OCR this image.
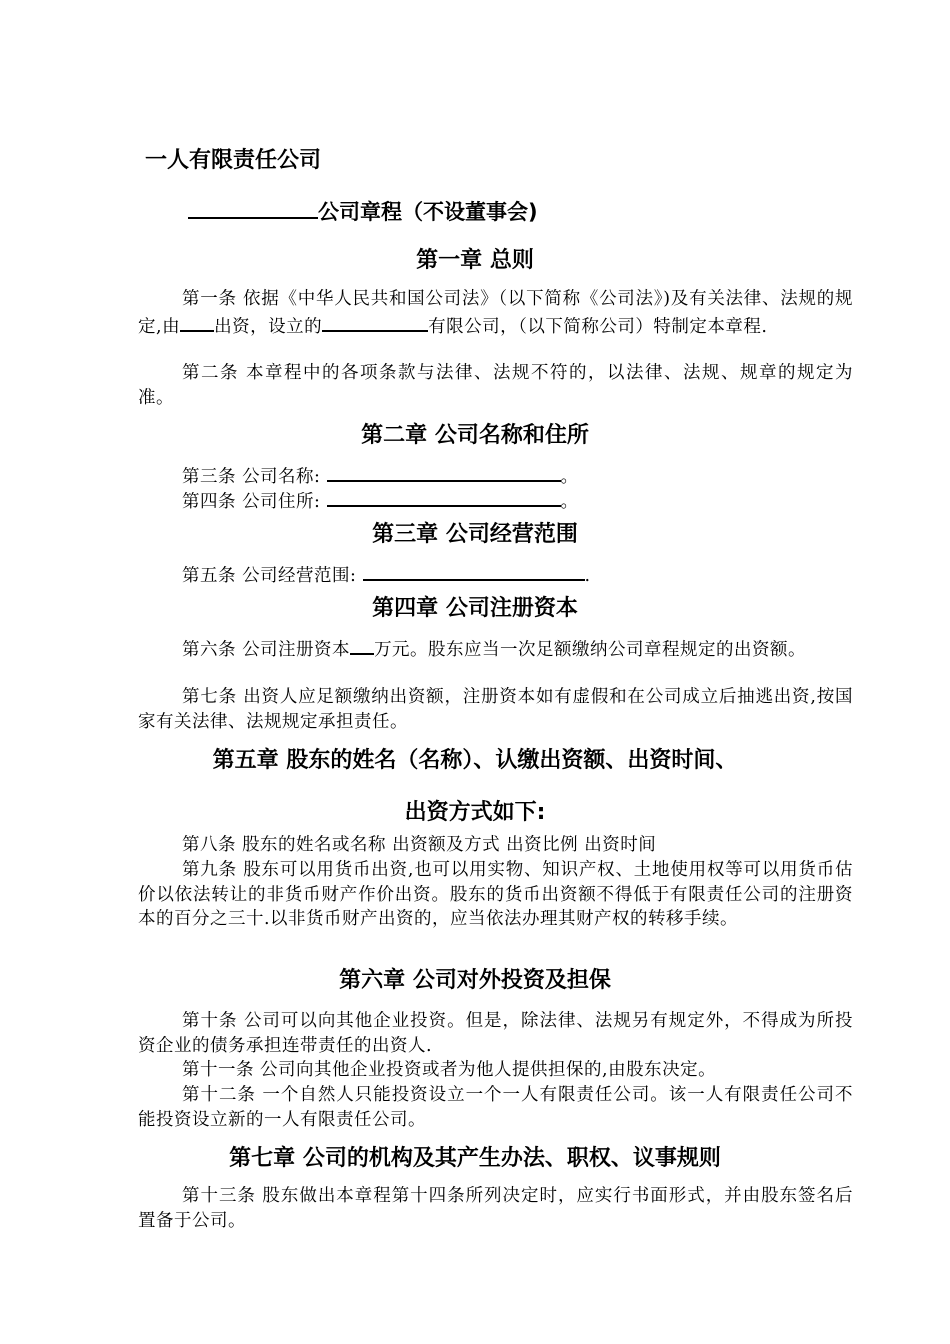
一人有限责任公司
公司章程（不设董事会)
第一章 总则
第一条 依据《中华人民共和国公司法》（以下简称《公司法》)及有关法律、法规的规定,由 出资，设立的	有限公司，（以下简称公司）特制定本章程.
第二条 本章程中的各项条款与法律、法规不符的，以法律、法规、规章的规定为准。
第二章 公司名称和住所
第三条 公司名称:	。
第四条 公司住所:	。
第三章 公司经营范围
第五条 公司经营范围:	.
第四章 公司注册资本
第六条 公司注册资本 万元。股东应当一次足额缴纳公司章程规定的出资额。
第七条 出资人应足额缴纳出资额，注册资本如有虚假和在公司成立后抽逃出资,按国家有关法律、法规规定承担责任。
第五章 股东的姓名（名称）、认缴出资额、出资时间、
出资方式如下:
第八条 股东的姓名或名称 出资额及方式 出资比例 出资时间
第九条 股东可以用货币出资,也可以用实物、知识产权、土地使用权等可以用货币估价以依法转让的非货币财产作价出资。股东的货币出资额不得低于有限责任公司的注册资本的百分之三十.以非货币财产出资的，应当依法办理其财产权的转移手续。
第六章 公司对外投资及担保
第十条 公司可以向其他企业投资。但是，除法律、法规另有规定外，不得成为所投资企业的债务承担连带责任的出资人.
第十一条 公司向其他企业投资或者为他人提供担保的,由股东决定。
第十二条 一个自然人只能投资设立一个一人有限责任公司。该一人有限责任公司不能投资设立新的一人有限责任公司。
第七章 公司的机构及其产生办法、职权、议事规则
第十三条 股东做出本章程第十四条所列决定时，应实行书面形式，并由股东签名后置备于公司。
